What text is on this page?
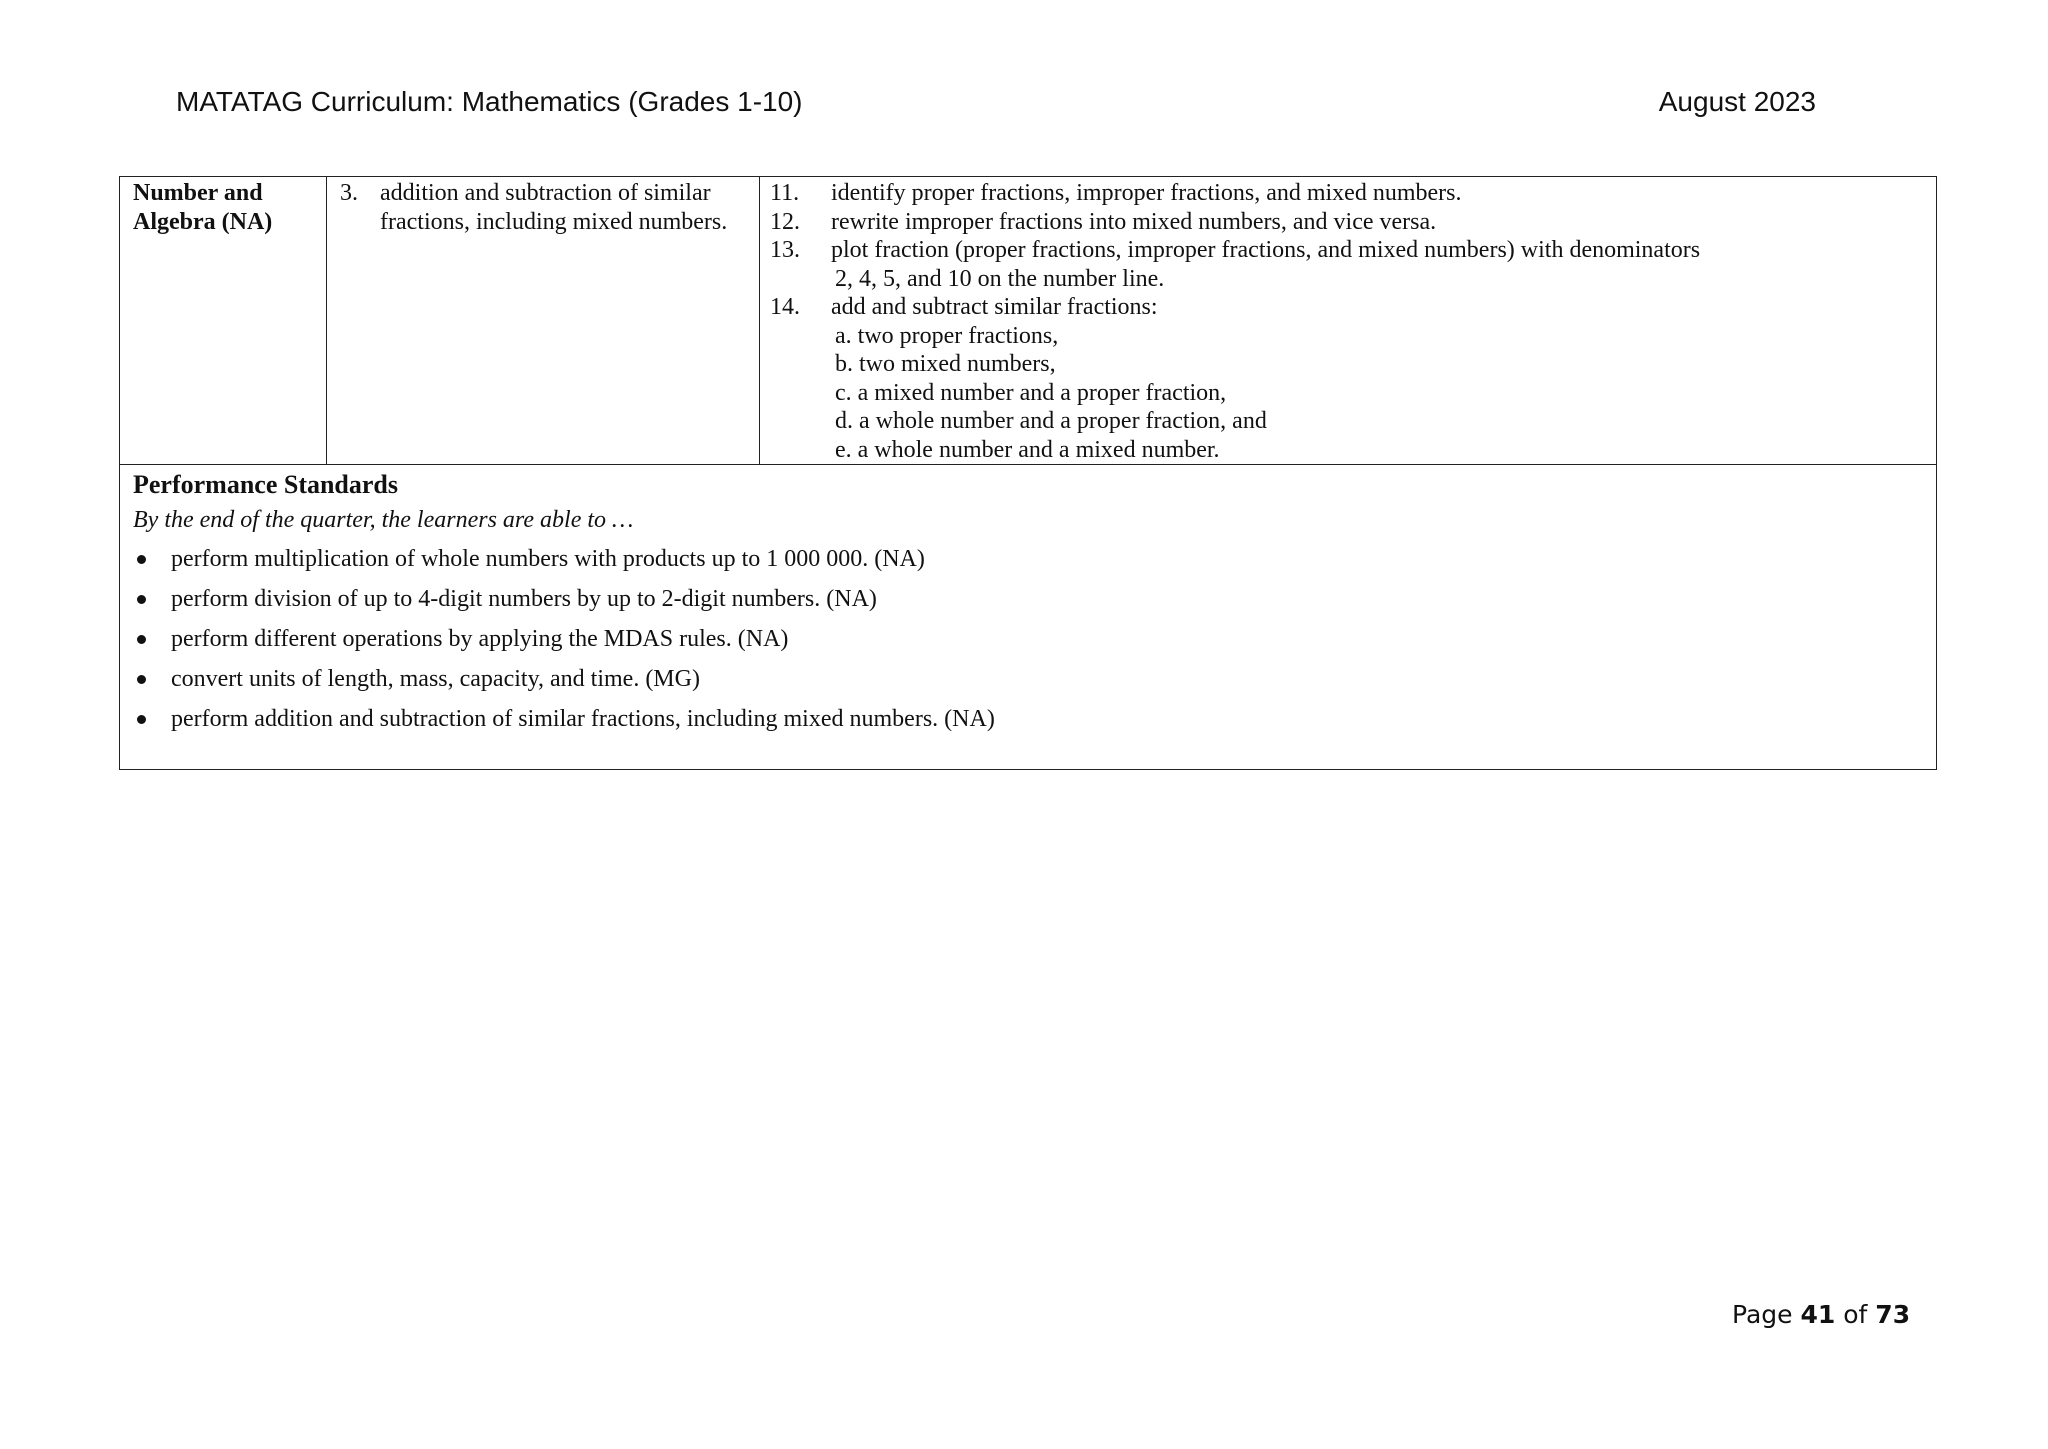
MATATAG Curriculum: Mathematics (Grades 1-10)	August 2023
Number and
Algebra (NA)
3. addition and subtraction of similar fractions, including mixed numbers.
11. identify proper fractions, improper fractions, and mixed numbers.
12. rewrite improper fractions into mixed numbers, and vice versa.
13. plot fraction (proper fractions, improper fractions, and mixed numbers) with denominators
2, 4, 5, and 10 on the number line.
14. add and subtract similar fractions:
a. two proper fractions,
b. two mixed numbers,
c. a mixed number and a proper fraction,
d. a whole number and a proper fraction, and
e. a whole number and a mixed number.
Performance Standards
By the end of the quarter, the learners are able to …
perform multiplication of whole numbers with products up to 1 000 000. (NA)
perform division of up to 4-digit numbers by up to 2-digit numbers. (NA)
perform different operations by applying the MDAS rules. (NA)
convert units of length, mass, capacity, and time. (MG)
perform addition and subtraction of similar fractions, including mixed numbers. (NA)
Page 41 of 73
